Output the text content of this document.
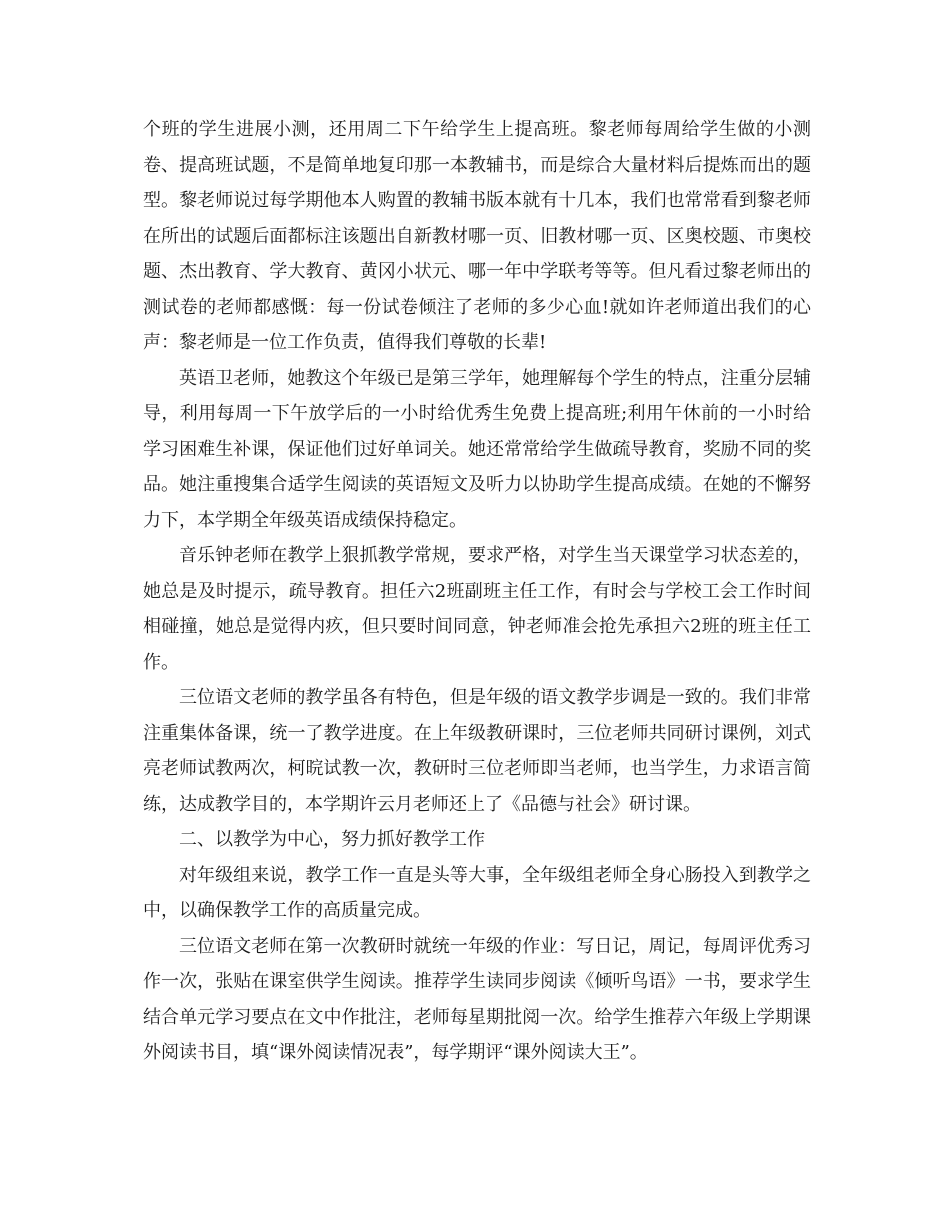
个班的学生进展小测，还用周二下午给学生上提高班。黎老师每周给学生做的小测卷、提高班试题，不是简单地复印那一本教辅书，而是综合大量材料后提炼而出的题型。黎老师说过每学期他本人购置的教辅书版本就有十几本，我们也常常看到黎老师在所出的试题后面都标注该题出自新教材哪一页、旧教材哪一页、区奥校题、市奥校题、杰出教育、学大教育、黄冈小状元、哪一年中学联考等等。但凡看过黎老师出的测试卷的老师都感慨：每一份试卷倾注了老师的多少心血!就如许老师道出我们的心声：黎老师是一位工作负责，值得我们尊敬的长辈!

英语卫老师，她教这个年级已是第三学年，她理解每个学生的特点，注重分层辅导，利用每周一下午放学后的一小时给优秀生免费上提高班;利用午休前的一小时给学习困难生补课，保证他们过好单词关。她还常常给学生做疏导教育，奖励不同的奖品。她注重搜集合适学生阅读的英语短文及听力以协助学生提高成绩。在她的不懈努力下，本学期全年级英语成绩保持稳定。

音乐钟老师在教学上狠抓教学常规，要求严格，对学生当天课堂学习状态差的，她总是及时提示，疏导教育。担任六2班副班主任工作，有时会与学校工会工作时间相碰撞，她总是觉得内疚，但只要时间同意，钟老师准会抢先承担六2班的班主任工作。

三位语文老师的教学虽各有特色，但是年级的语文教学步调是一致的。我们非常注重集体备课，统一了教学进度。在上年级教研课时，三位老师共同研讨课例，刘式亮老师试教两次，柯晥试教一次，教研时三位老师即当老师，也当学生，力求语言简练，达成教学目的，本学期许云月老师还上了《品德与社会》研讨课。

二、以教学为中心，努力抓好教学工作

对年级组来说，教学工作一直是头等大事，全年级组老师全身心肠投入到教学之中，以确保教学工作的高质量完成。

三位语文老师在第一次教研时就统一年级的作业：写日记，周记，每周评优秀习作一次，张贴在课室供学生阅读。推荐学生读同步阅读《倾听鸟语》一书，要求学生结合单元学习要点在文中作批注，老师每星期批阅一次。给学生推荐六年级上学期课外阅读书目，填“课外阅读情况表”，每学期评“课外阅读大王”。
